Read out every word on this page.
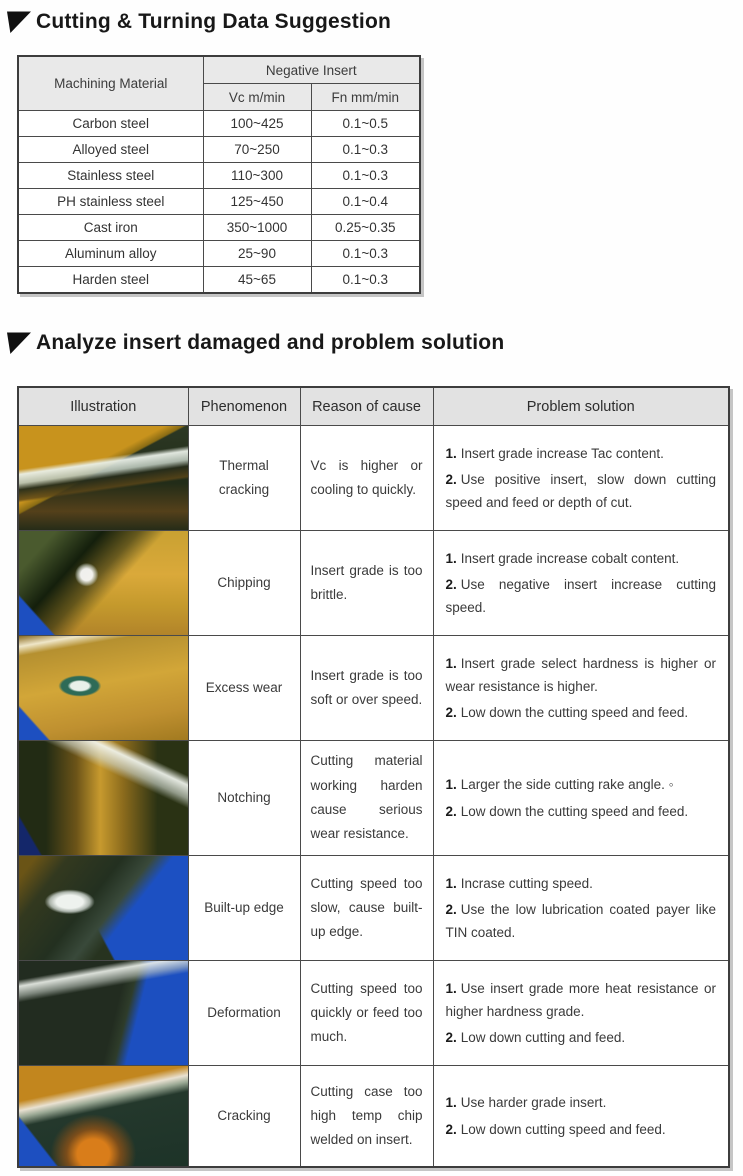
Cutting & Turning Data Suggestion
Machining Material	Negative Insert	
	Vc m/min	Fn mm/min
Carbon steel	100~425	0.1~0.5
Alloyed steel	70~250	0.1~0.3
Stainless steel	110~300	0.1~0.3
PH stainless steel	125~450	0.1~0.4
Cast iron	350~1000	0.25~0.35
Aluminum alloy	25~90	0.1~0.3
Harden steel	45~65	0.1~0.3
Analyze insert damaged and problem solution
Illustration	Phenomenon	Reason of cause	Problem solution

	Thermal cracking	Vc is higher or cooling to quickly.	1. Insert grade increase Tac content.
2. Use positive insert, slow down cutting speed and feed or depth of cut.

	Chipping	Insert grade is too brittle.	1. Insert grade increase cobalt content.
2. Use negative insert increase cutting speed.

	Excess wear	Insert grade is too soft or over speed.	1. Insert grade select hardness is higher or wear resistance is higher.
2. Low down the cutting speed and feed.

	Notching	Cutting material working harden cause serious wear resistance.	1. Larger the side cutting rake angle. ◦
2. Low down the cutting speed and feed.

	Built-up edge	Cutting speed too slow, cause built-up edge.	1. Incrase cutting speed.
2. Use the low lubrication coated payer like TIN coated.

	Deformation	Cutting speed too quickly or feed too much.	1. Use insert grade more heat resistance or higher hardness grade.
2. Low down cutting and feed.

	Cracking	Cutting case too high temp chip welded on insert.	1. Use harder grade insert.
2. Low down cutting speed and feed.
